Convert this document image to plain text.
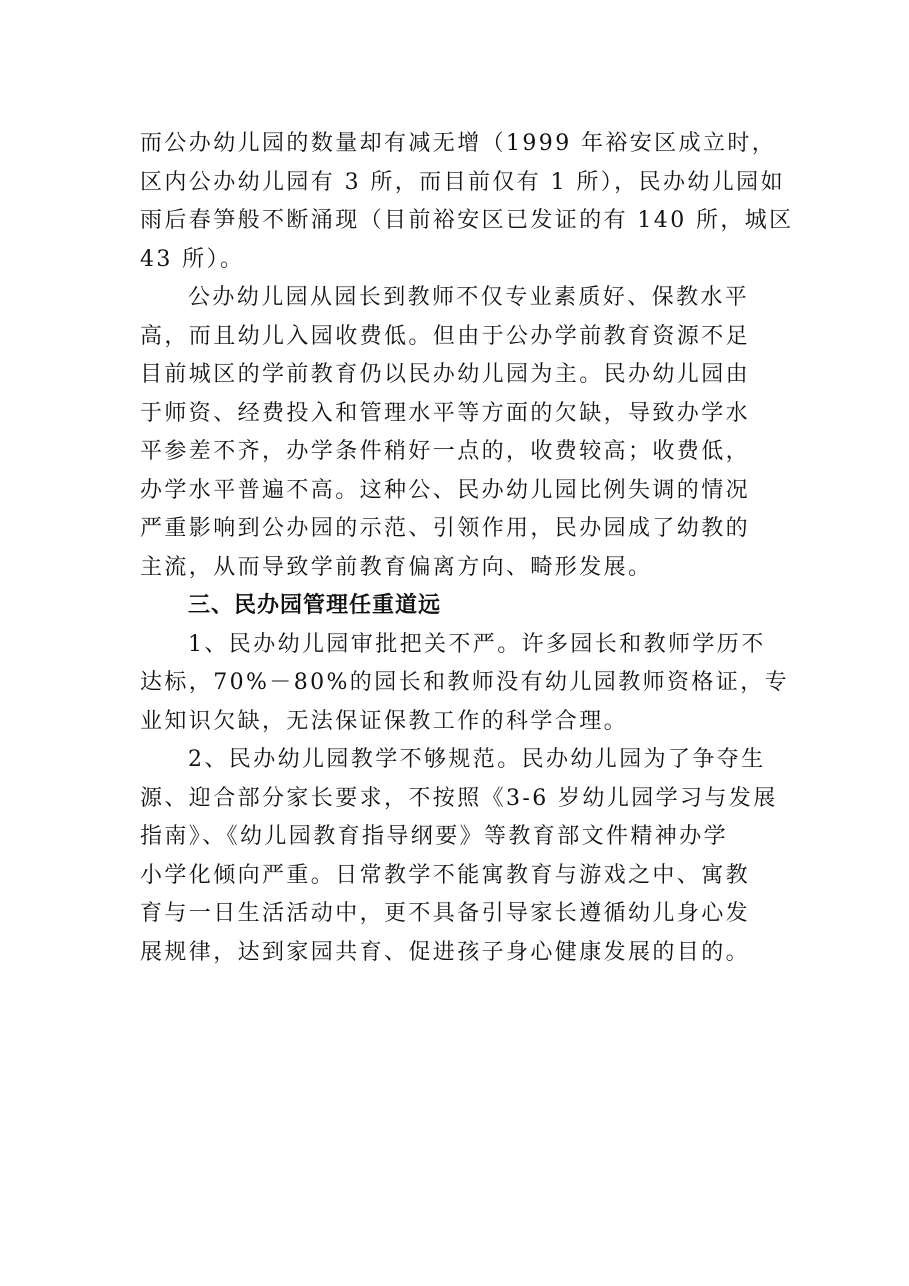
而公办幼儿园的数量却有减无增（1999 年裕安区成立时，
区内公办幼儿园有 3 所，而目前仅有 1 所），民办幼儿园如
雨后春笋般不断涌现（目前裕安区已发证的有 140 所，城区
43 所）。

公办幼儿园从园长到教师不仅专业素质好、保教水平
高，而且幼儿入园收费低。但由于公办学前教育资源不足
目前城区的学前教育仍以民办幼儿园为主。民办幼儿园由
于师资、经费投入和管理水平等方面的欠缺，导致办学水
平参差不齐，办学条件稍好一点的，收费较高；收费低，
办学水平普遍不高。这种公、民办幼儿园比例失调的情况
严重影响到公办园的示范、引领作用，民办园成了幼教的
主流，从而导致学前教育偏离方向、畸形发展。

三、民办园管理任重道远

1、民办幼儿园审批把关不严。许多园长和教师学历不
达标，70%－80%的园长和教师没有幼儿园教师资格证，专
业知识欠缺，无法保证保教工作的科学合理。

2、民办幼儿园教学不够规范。民办幼儿园为了争夺生
源、迎合部分家长要求，不按照《3-6 岁幼儿园学习与发展
指南》、《幼儿园教育指导纲要》等教育部文件精神办学
小学化倾向严重。日常教学不能寓教育与游戏之中、寓教
育与一日生活活动中，更不具备引导家长遵循幼儿身心发
展规律，达到家园共育、促进孩子身心健康发展的目的。
